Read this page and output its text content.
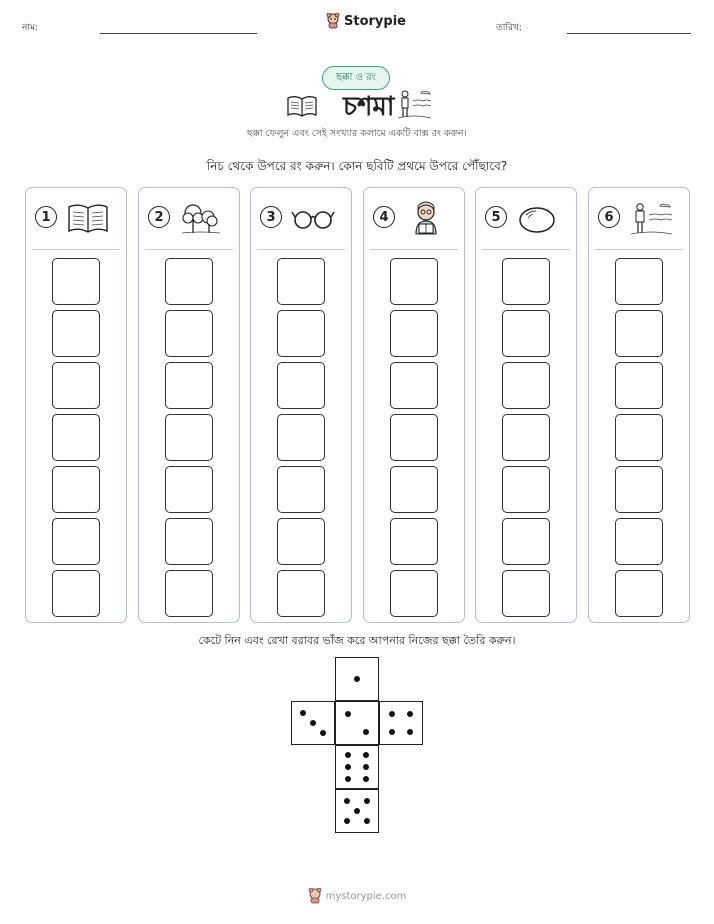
নাম:	Storypie	তারিখ:
ছক্কা ও রং
চশমা
ছক্কা ফেলুন এবং সেই সংখ্যার কলামে একটি বাক্স রং করুন।
নিচ থেকে উপরে রং করুন। কোন ছবিটি প্রথমে উপরে পৌঁছাবে?
1	2	3	4	5	6
কেটে নিন এবং রেখা বরাবর ভাঁজ করে আপনার নিজের ছক্কা তৈরি করুন।
mystorypie.com
